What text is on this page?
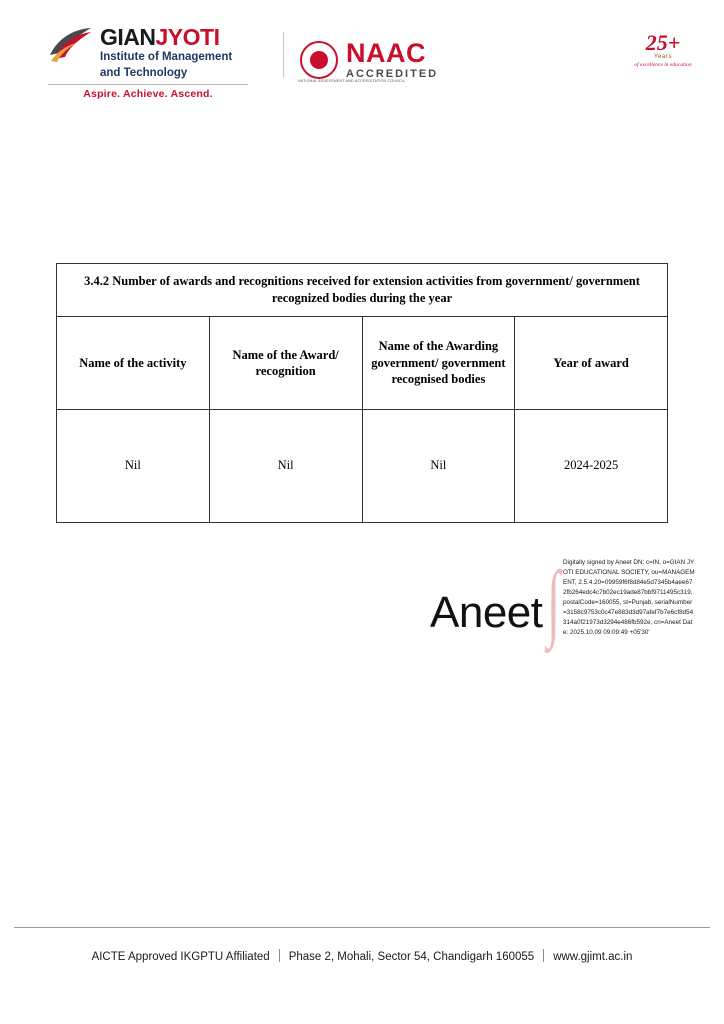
GIANJYOTI
Institute of Management
and Technology
Aspire. Achieve. Ascend.
NATIONAL ASSESSMENT AND ACCREDITATION COUNCIL
NAAC
ACCREDITED
25+
Years
of excellence in education
3.4.2 Number of awards and recognitions received for extension activities from government/ government recognized bodies during the year			
Name of the activity	Name of the Award/ recognition	Name of the Awarding government/ government recognised bodies	Year of award
Nil	Nil	Nil	2024-2025
∫
Aneet
Digitally signed by Aneet DN: c=IN, o=GIAN JYOTI EDUCATIONAL SOCIETY, ou=MANAGEMENT, 2.5.4.20=09959f6f8d84e5d7345b4aee672fb264edc4c7b02ec19ade87bbf9711495c319, postalCode=160055, st=Punjab, serialNumber=3158c9753c0c47e883d3d97afef7b7e6cf8d54314a0f21973d3294e486fb592e, cn=Aneet Date: 2025.10.09 09:09:49 +05'30'
AICTE Approved IKGPTU Affiliated Phase 2, Mohali, Sector 54, Chandigarh 160055 www.gjimt.ac.in
